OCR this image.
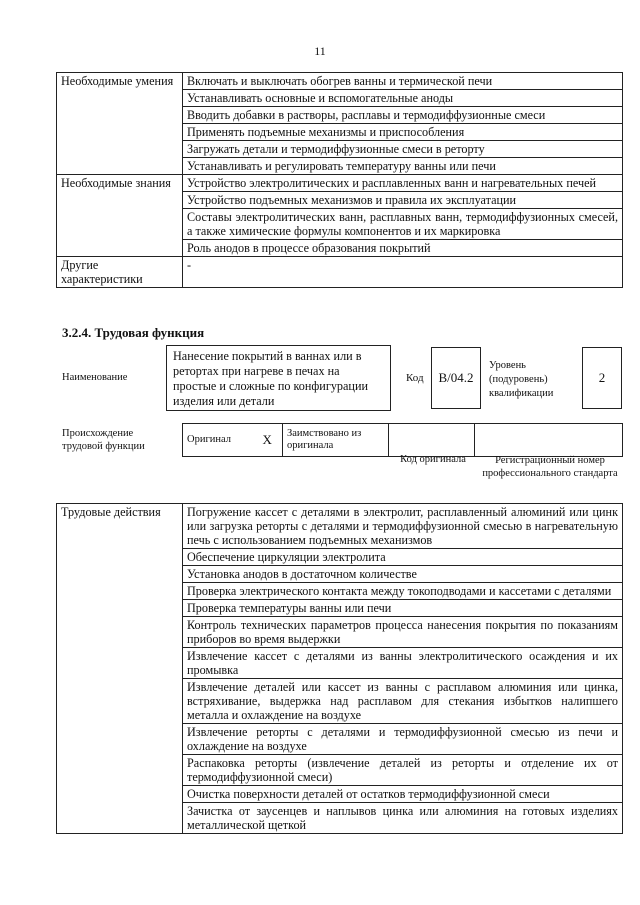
11
Необходимые умения	Включать и выключать обогрев ванны и термической печи
	Устанавливать основные и вспомогательные аноды
	Вводить добавки в растворы, расплавы и термодиффузионные смеси
	Применять подъемные механизмы и приспособления
	Загружать детали и термодиффузионные смеси в реторту
	Устанавливать и регулировать температуру ванны или печи
Необходимые знания	Устройство электролитических и расплавленных ванн и нагревательных печей
	Устройство подъемных механизмов и правила их эксплуатации
	Составы электролитических ванн, расплавных ванн, термодиффузионных смесей, а также химические формулы компонентов и их маркировка
	Роль анодов в процессе образования покрытий
Другие характеристики	-
3.2.4. Трудовая функция
Наименование
Нанесение покрытий в ваннах или в ретортах при нагреве в печах на простые и сложные по конфигурации изделия или детали
Код	B/04.2
Уровень (подуровень) квалификации
2
Происхождение трудовой функции
Оригинал	X	Заимствовано из оригинала		
Код оригинала	Регистрационный номер профессионального стандарта
Трудовые действия	Погружение кассет с деталями в электролит, расплавленный алюминий или цинк или загрузка реторты с деталями и термодиффузионной смесью в нагревательную печь с использованием подъемных механизмов
Обеспечение циркуляции электролита
Установка анодов в достаточном количестве
Проверка электрического контакта между токоподводами и кассетами с деталями
Проверка температуры ванны или печи
Контроль технических параметров процесса нанесения покрытия по показаниям приборов во время выдержки
Извлечение кассет с деталями из ванны электролитического осаждения и их промывка
Извлечение деталей или кассет из ванны с расплавом алюминия или цинка, встряхивание, выдержка над расплавом для стекания избытков налипшего металла и охлаждение на воздухе
Извлечение реторты с деталями и термодиффузионной смесью из печи и охлаждение на воздухе
Распаковка реторты (извлечение деталей из реторты и отделение их от термодиффузионной смеси)
Очистка поверхности деталей от остатков термодиффузионной смеси
Зачистка от заусенцев и наплывов цинка или алюминия на готовых изделиях металлической щеткой
